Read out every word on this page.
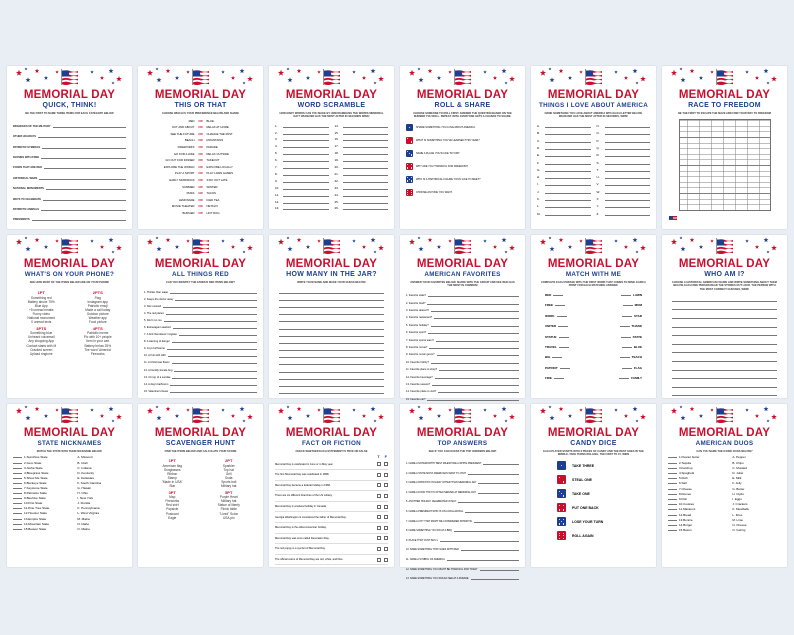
MEMORIAL DAY
QUICK, THINK!
BE THE FIRST TO NAME THREE ITEMS FOR EACH CATEGORY BELOW
BRANCHES OF THE MILITARY
OTHER HOLIDAYS
PATRIOTIC SYMBOLS
RHYMES WITH FREE
FOODS THAT ARE RED
HISTORICAL WARS
NATIONAL MONUMENTS
WAYS TO CELEBRATE
PATRIOTIC ANIMALS
PRESIDENTS
MEMORIAL DAY
THIS OR THAT
CHOOSE WHICH IS YOUR PREFERENCE BELOW AND SHARE
RED	OR	BLUE
OUT AND ABOUT	OR	RELAX AT HOME
SEE THE FUTURE	OR	CHANGE THE PAST
BEACH	OR	MOUNTAINS
FIREWORKS	OR	PARADE
GO FOR A HIKE	OR	RELAX OUTSIDE
GO OUT FOR DINNER	OR	TAKEOUT
EXPLORE THE WORLD	OR	EXPLORE LOCALLY
PLAY A SPORT	OR	PLAY LAWN GAMES
EARLY MORNINGS	OR	STAY OUT LATE
SUMMER	OR	WINTER
PIZZA	OR	TACOS
LEMONADE	OR	ICED TEA
MOVIE THEATER	OR	NETFLIX
BURGER	OR	HOT DOG
MEMORIAL DAY
WORD SCRAMBLE
HOW MANY WORDS CAN YOU MAKE BY UNSCRAMBLING THE WORDS MEMORIAL DAY? WHOEVER HAS THE MOST AFTER 60 SECONDS WINS!
1.
2.
3.
4.
5.
6.
7.
8.
9.
10.
11.
12.
13.
14.
15.
16.
17.
18.
19.
20.
21.
22.
23.
24.
25.
26.
MEMORIAL DAY
ROLL & SHARE
CHOOSE SOMEONE TO ROLL FIRST. ANSWER THE QUESTION BASED ON THE NUMBER YOU ROLL. REPEAT UNTIL EVERYONE GETS A CHANCE TO SHARE.
SHARE SOMETHING YOU LOVE ABOUT AMERICA.
WHAT IS SOMETHING YOU'VE LEARNED THIS YEAR?
NAME A PLACE YOU'D LIKE TO VISIT.
WHY ARE YOU THANKFUL FOR FREEDOM?
WHO IS A HISTORICAL FIGURE YOU'D LIKE TO MEET?
CHOOSE ANYONE YOU WANT.
MEMORIAL DAY
THINGS I LOVE ABOUT AMERICA
NAME SOMETHING YOU LOVE ABOUT AMERICA WITH EACH LETTER BELOW. WHOEVER HAS THE MOST AFTER 60 SECONDS, WINS!
A.
B.
C.
D.
E.
F.
G.
H.
I.
J.
K.
L.
M.
N.
O.
P.
Q.
R.
S.
T.
U.
V.
W.
X.
Y.
Z.
MEMORIAL DAY
RACE TO FREEDOM
BE THE FIRST TO ESCAPE THE MAZE AND FIND YOUR WAY TO FREEDOM
MEMORIAL DAY
WHAT'S ON YOUR PHONE?
SEE HOW MANY OF THE ITEMS BELOW ARE ON YOUR PHONE!
1PT
Something red
Battery above 75%
Blue App
+5 unread emails
Funny video
National monument
0 unread texts
2PTS
Flag
Instagram app
Patriotic emoji
Made a call today
Outdoor picture
Weather app
Food picture
3PTS
Something blue
Unheard voicemail
Any shopping App
Contact starts with M
Cracked screen
Upload ringtone
4PTS
Patriotic meme
Pic with 10+ people
Item in your cart
Battery below 25%
The word 'America'
Fireworks
MEMORIAL DAY
ALL THINGS RED
CAN YOU IDENTIFY THE FAMOUS RED ITEMS BELOW?
1. Thicker than water
2. Keeps the doctor away
3. Not mustard
4. The red planet
5. Don't run me
6. Extravagant seafood
7. A bird that doesn't migrate
8. A warning of danger
9. Joy's birthstone
10. A fruit with H20
11. A Christmas flower
12. A friendly female bug
13. On top of a sundae
14. A dog's bathroom
15. Valentine's flower
MEMORIAL DAY
HOW MANY IN THE JAR?
WRITE YOUR NAME AND MAKE YOUR GUESS BELOW!
MEMORIAL DAY
AMERICAN FAVORITES
ANSWER YOUR FAVORITES BELOW. SHARE WITH THE GROUP AND SEE WHO HAS THE MOST IN COMMON!
1. Favorite state?
2. Favorite food?
3. Favorite dessert?
4. Favorite restaurant?
5. Favorite holiday?
6. Favorite sport?
7. Favorite sports team?
8. Favorite movie?
9. Favorite music genre?
10. Favorite hobby?
11. Favorite place to shop?
12. Favorite beverage?
13. Favorite season?
14. Favorite place to visit?
15. Favorite car?
MEMORIAL DAY
MATCH WITH ME
COMPLETE EACH PHRASE WITH THE FIRST WORD THAT COMES TO MIND. EARN A POINT FOR EACH MATCHING ANSWER.
RED	LAWN
FREE	MOM
WORK	STAR
UNITED	THANK
STATUE	STATE
TRAVEL	BLUE
BIG	TEACH
PATRIOT	FLAG
FIRE	FAMILY
MEMORIAL DAY
WHO AM I?
CHOOSE A HISTORICAL AMERICAN FIGURE AND WRITE SOMETHING ABOUT THEM BELOW, EACH ONE PERSON READ THE STORIES OUT LOUD. THE PERSON WITH THE MOST CORRECT GUESSES, WINS!
MEMORIAL DAY
STATE NICKNAMES
MATCH THE STATE WITH THEIR NICKNAME BELOW.
1.Sunshine State
2.Gem State
3.Aloha State
4.Bluegrass State
5.Show Me State
6.Buckeye State
7.Keystone State
8.Palmetto State
9.Beehive State
10.First State
11.Pine Tree State
12.Hoosier State
13.Empire State
14.Mountain State
15.Beaver State
A. Missouri
B. Utah
C. Indiana
D. Kentucky
E. Delaware
F. South Carolina
G. Hawaii
H. Ohio
I. New York
J. Florida
K. Pennsylvania
L. West Virginia
M. Maine
N. Idaho
O. Maine
MEMORIAL DAY
SCAVENGER HUNT
FIND THE ITEMS BELOW AND CALCULATE YOUR SCORE
1PT
American flag
Sunglasses
Ribbon
Stamp
"Made in USA"
Star
2PT
Sparkler
Top hat
Grill
Soda
Sports ball
Military hat
3PT
Map
Fireworks
Red shirt
Popsicle
Postcard
Eagle
5PT
Purple Heart
Military hat
Statue of liberty
Picnic table
"Lived" Scion
USA pin
MEMORIAL DAY
FACT OR FICTION
CHECK WHETHER EACH STATEMENT IS TRUE OR FALSE
T F
Memorial Day is celebrated in June or in May year.
The first Memorial Day was celebrated in 1868.
Memorial Day became a federal holiday in 1968.
There are six different branches of the US military.
Memorial Day is a federal holiday in Canada.
Georgia Washington is considered the father of Memorial Day.
Memorial Day is the oldest American holiday.
Memorial Day was once called Decoration Day.
The red poppy is a symbol of Memorial Day.
The official colors of Memorial Day are red, white, and blue.
MEMORIAL DAY
TOP ANSWERS
SEE IF YOU CAN GUESS THE TOP ANSWERS BELOW!
1. NAME A NOTEWORTHY BEST MILESTONE A WHITE PRESIDENT
2. NAME A STATE MOST AMERICANS WANT TO VISIT
3. NAME A PATRIOTIC HOLIDAY OTHER THAN MEMORIAL DAY
4. NAME A FOOD THAT IS OFTEN SERVED AT MEMORIAL DAY
5. ANOTHER HOLIDAY CELEBRATED IN MAY
6. NAME A PRESIDENT WHO IS ON A DOLLAR BILL
7. NAME A CITY THAT MIGHT BE CONSIDERED PATRIOTIC
8. NAME SOMETHING YOU DO AT A BBQ
9. PLACE THAT COST $US 1
10. NAME SOMETHING THAT GOES WITH RED
11. NAME A SYMBOL OF AMERICA
12. NAME SOMETHING YOU MIGHT BE THANKFUL FOR TODAY
13. NAME SOMETHING YOU WOULD SEE AT A PARADE
MEMORIAL DAY
CANDY DICE
EACH PLAYER STARTS WITH 6 PIECES OF CANDY AND THE REST GOES IN THE MIDDLE. TAKE TURNS ROLLING, THE FIRST TO 15, WINS
TAKE THREE
STEAL ONE
TAKE ONE
PUT ONE BACK
LOSE YOUR TURN
ROLL AGAIN
MEMORIAL DAY
AMERICAN DUOS
CAN YOU NAME THE ICONIC DUOS BELOW?
1.Peanut butter
2.Tequila
3.Ketchup
4.Spaghetti
5.Ruth
6.Salt
7.Cheese
8.Romeo
9.Fish
10.Cookies
11.Macaroni
12.Bread
13.Bonnie
14.Burger
15.Bacon
A. Pepper
B. Chips
C. Mustard
D. Juliet
E. Milk
F. Jelly
G. Butter
H. Clyde
I. Eggs
J. Crackers
K. Meatballs
L. Fries
M. Lime
N. Cheese
O. Gehrig
